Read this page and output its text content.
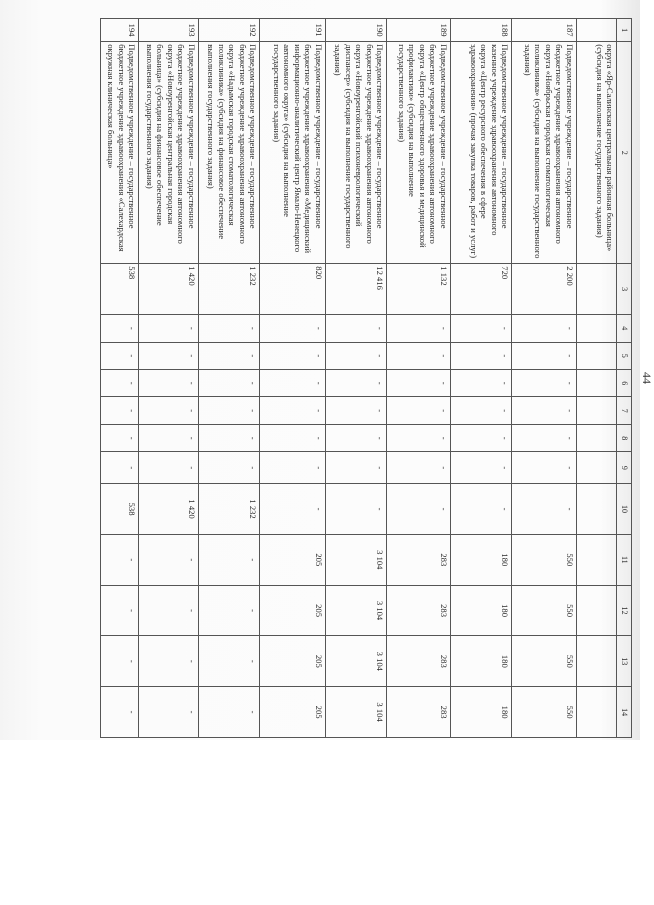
44
1	2	3	4	5	6	7	8	9	10	11	12	13	14
	округа «Яр-Салинская центральная районная больница» (субсидия на выполнение государственного задания)												
187	Подведомственное учреждение – государственное бюджетное учреждение здравоохранения автономного округа «Ноябрьская городская стоматологическая поликлиника» (субсидия на выполнение государственного задания)	2 200	-	-	-	-	-	-	-	550	550	550	550
188	Подведомственное учреждение – государственное казенное учреждение здравоохранения автономного округа «Центр ресурсного обеспечения в сфере здравоохранения» (прочая закупка товаров, работ и услуг)	720	-	-	-	-	-	-	-	180	180	180	180
189	Подведомственное учреждение – государственное бюджетное учреждение здравоохранения автономного округа «Центр общественного здоровья и медицинской профилактики» (субсидия на выполнение государственного задания)	1 132	-	-	-	-	-	-	-	283	283	283	283
190	Подведомственное учреждение – государственное бюджетное учреждение здравоохранения автономного округа «Новоуренгойский психоневрологический диспансер» (субсидия на выполнение государственного задания)	12 416	-	-	-	-	-	-	-	3 104	3 104	3 104	3 104
191	Подведомственное учреждение – государственное бюджетное учреждение здравоохранения «Медицинский информационно-аналитический центр Ямало-Ненецкого автономного округа» (субсидия на выполнение государственного задания)	820	-	-	-	-	-	-	-	205	205	205	205
192	Подведомственное учреждение – государственное бюджетное учреждение здравоохранения автономного округа «Надымская городская стоматологическая поликлиника» (субсидия на финансовое обеспечение выполнения государственного задания)	1 232	-	-	-	-	-	-	1 232	-	-	-	-
193	Подведомственное учреждение – государственное бюджетное учреждение здравоохранения автономного округа «Новоуренгойская центральная городская больница» (субсидия на финансовое обеспечение выполнения государственного задания)	1 420	-	-	-	-	-	-	1 420	-	-	-	-
194	Подведомственное учреждение – государственное бюджетное учреждение здравоохранения «Салехардская окружная клиническая больница»	538	-	-	-	-	-	-	538	-	-	-	-
